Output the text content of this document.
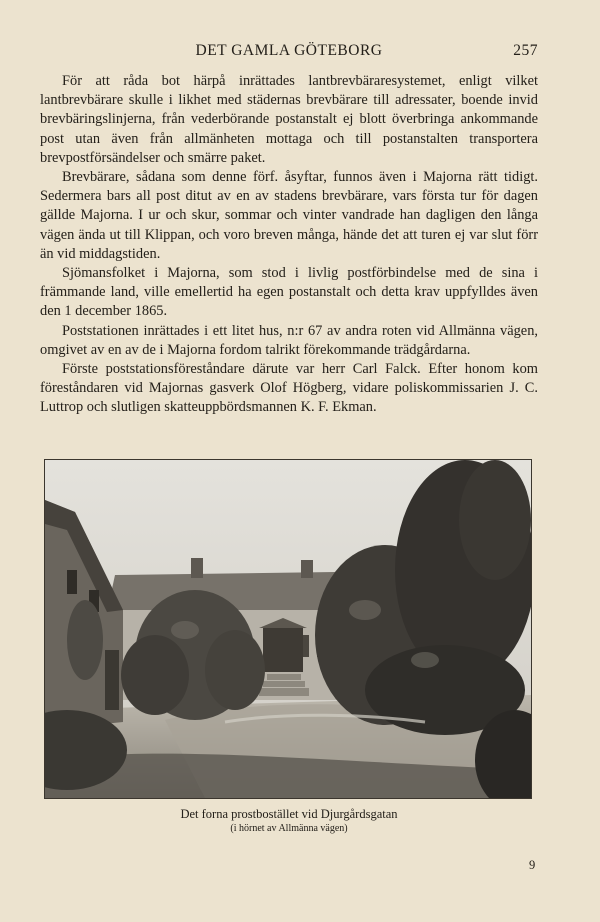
DET GAMLA GÖTEBORG	257

För att råda bot härpå inrättades lantbrevbäraresystemet, enligt vilket lantbrevbärare skulle i likhet med städernas brevbärare till adressater, boende invid brevbäringslinjerna, från vederbörande postanstalt ej blott överbringa ankommande post utan även från allmänheten mottaga och till postanstalten transportera brevpostförsändelser och smärre paket.

Brevbärare, sådana som denne förf. åsyftar, funnos även i Majorna rätt tidigt. Sedermera bars all post ditut av en av stadens brevbärare, vars första tur för dagen gällde Majorna. I ur och skur, sommar och vinter vandrade han dagligen den långa vägen ända ut till Klippan, och voro breven många, hände det att turen ej var slut förr än vid middagstiden.

Sjömansfolket i Majorna, som stod i livlig postförbindelse med de sina i främmande land, ville emellertid ha egen postanstalt och detta krav uppfylldes även den 1 december 1865.

Poststationen inrättades i ett litet hus, n:r 67 av andra roten vid Allmänna vägen, omgivet av en av de i Majorna fordom talrikt förekommande trädgårdarna.

Förste poststationsföreståndare därute var herr Carl Falck. Efter honom kom föreståndaren vid Majornas gasverk Olof Högberg, vidare poliskommissarien J. C. Luttrop och slutligen skatteuppbördsmannen K. F. Ekman.

Det forna prostbostället vid Djurgårdsgatan
(i hörnet av Allmänna vägen)
9
